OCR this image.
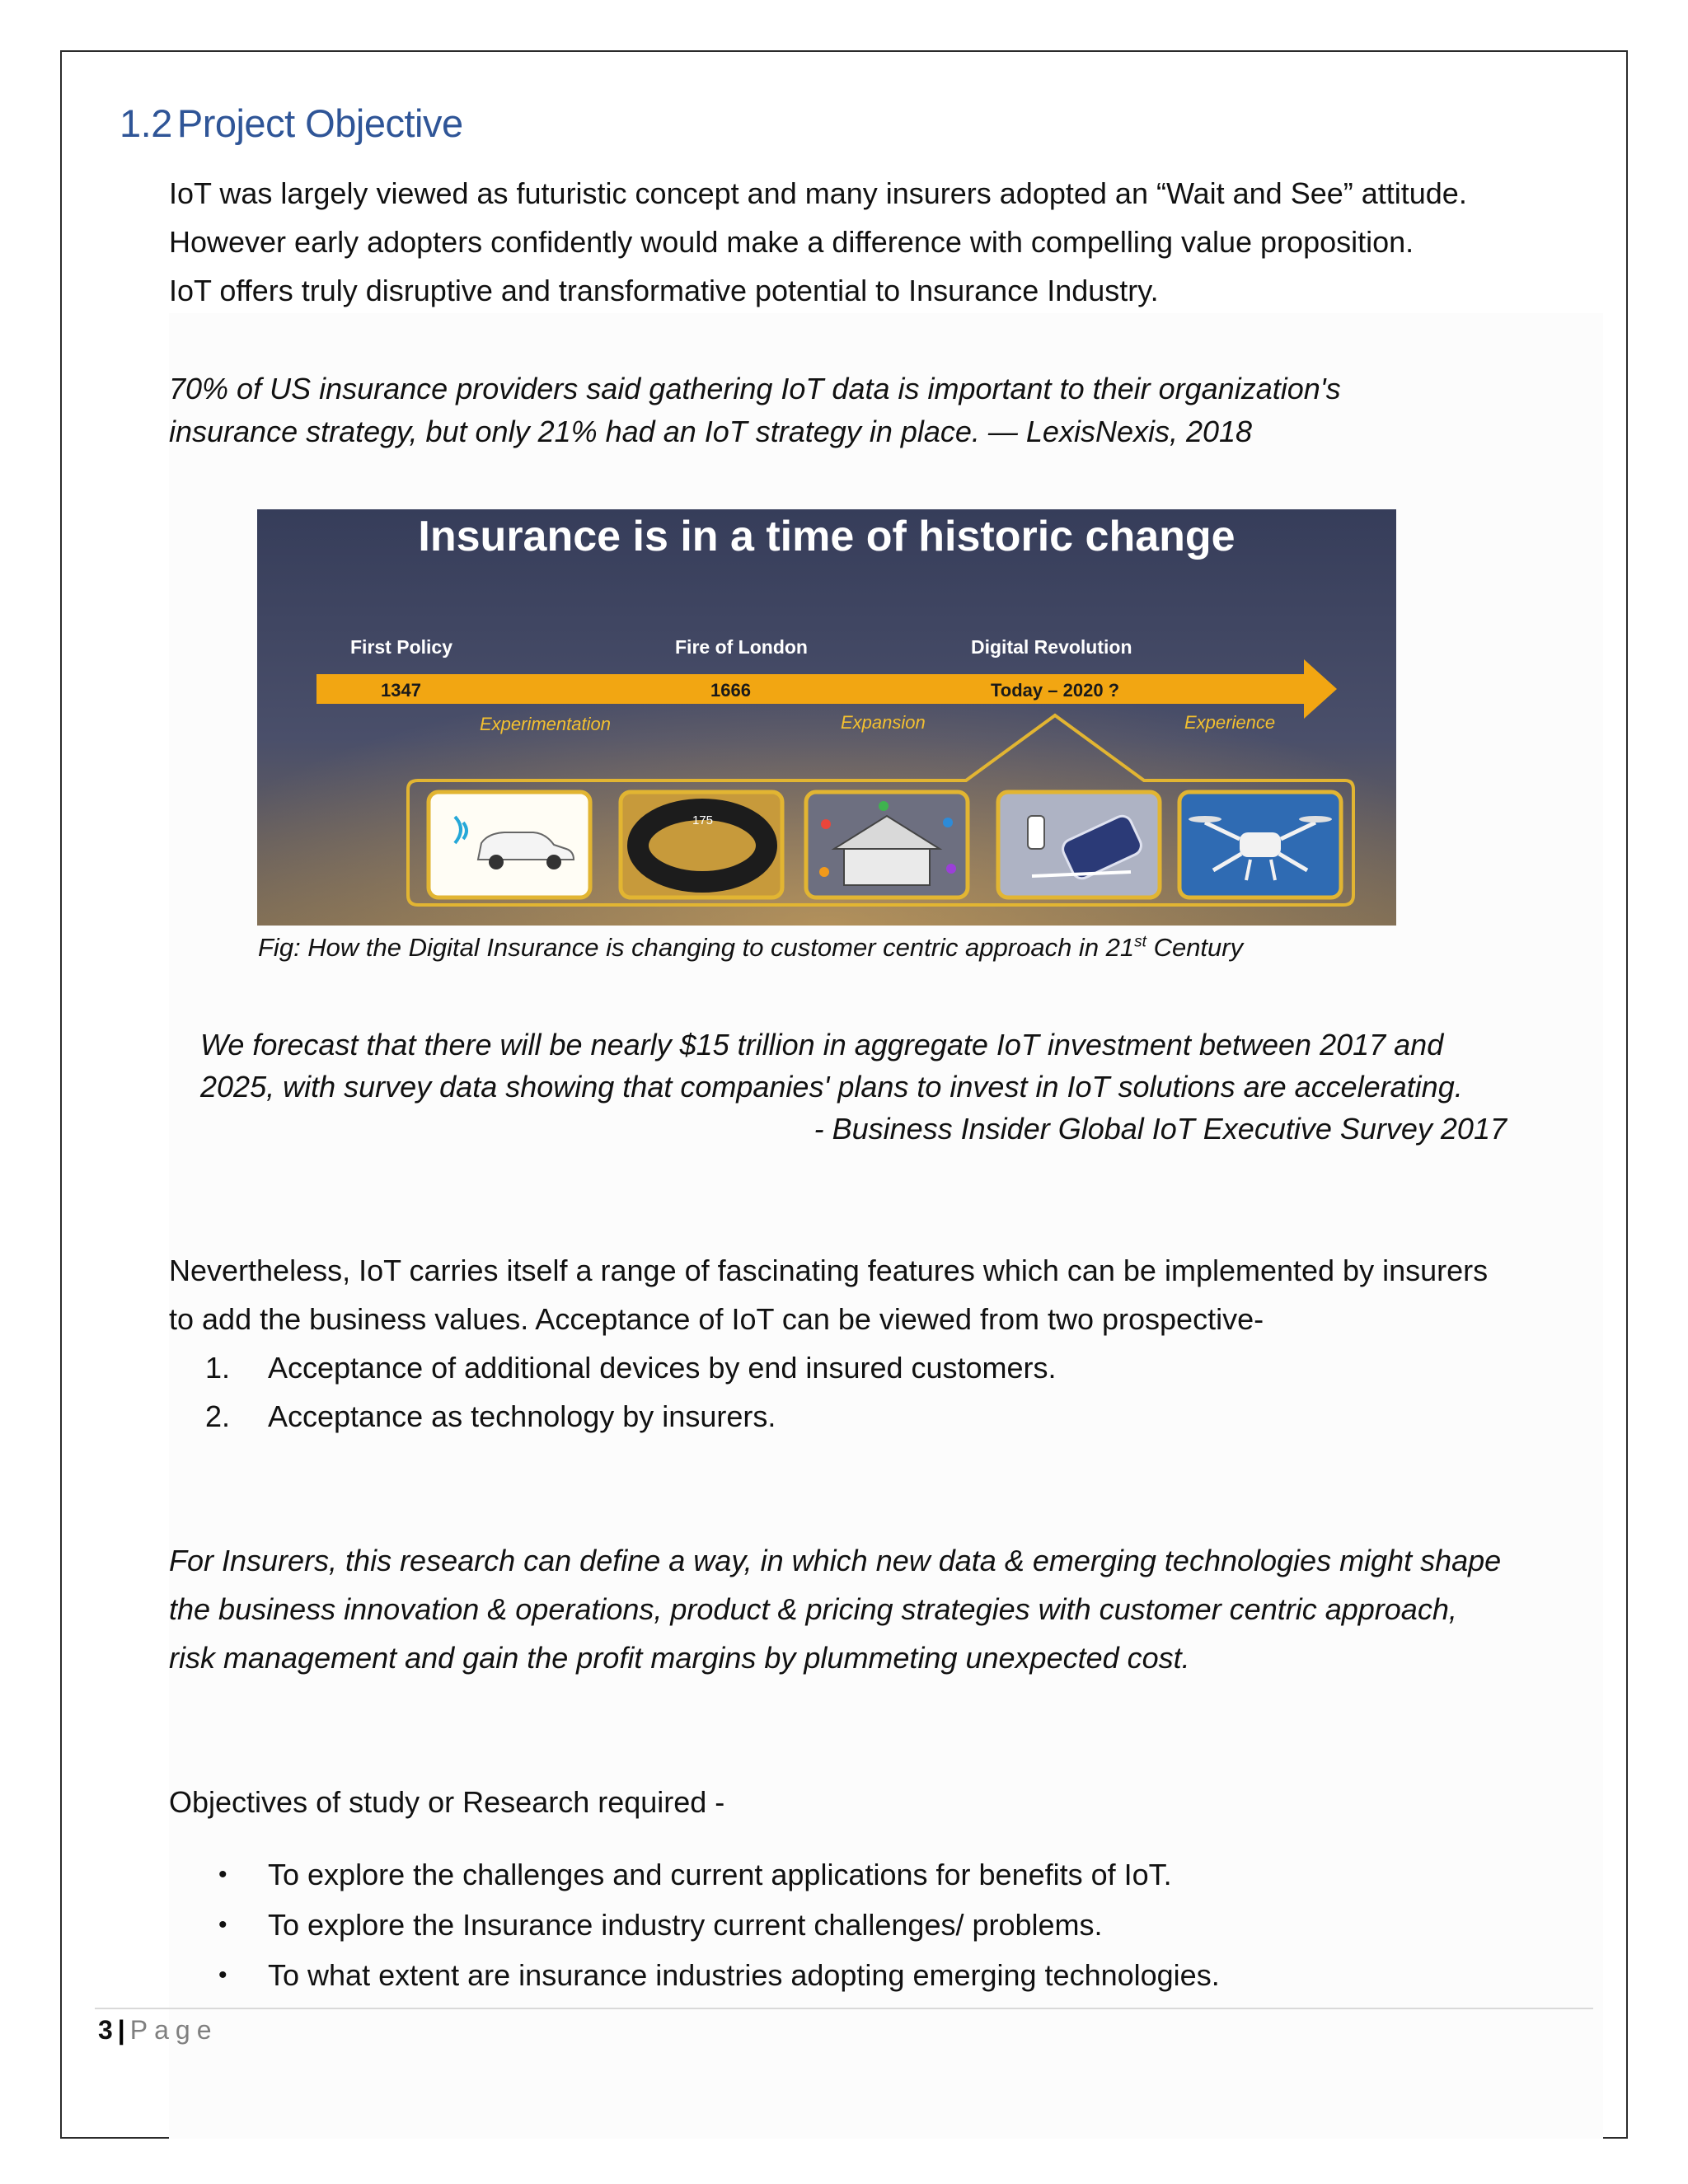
1.2 Project Objective
IoT was largely viewed as futuristic concept and many insurers adopted an “Wait and See” attitude.
However early adopters confidently would make a difference with compelling value proposition.
IoT offers truly disruptive and transformative potential to Insurance Industry.
70% of US insurance providers said gathering IoT data is important to their organization's
insurance strategy, but only 21% had an IoT strategy in place. — LexisNexis, 2018
Insurance is in a time of historic change
First Policy	Fire of London	Digital Revolution
1347	1666	Today – 2020 ?
Experimentation	Expansion	Experience
175
Fig: How the Digital Insurance is changing to customer centric approach in 21st Century
We forecast that there will be nearly $15 trillion in aggregate IoT investment between 2017 and
2025, with survey data showing that companies' plans to invest in IoT solutions are accelerating.
- Business Insider Global IoT Executive Survey 2017
Nevertheless, IoT carries itself a range of fascinating features which can be implemented by insurers
to add the business values. Acceptance of IoT can be viewed from two prospective-
1. Acceptance of additional devices by end insured customers.
2. Acceptance as technology by insurers.
For Insurers, this research can define a way, in which new data & emerging technologies might shape
the business innovation & operations, product & pricing strategies with customer centric approach,
risk management and gain the profit margins by plummeting unexpected cost.
Objectives of study or Research required -
• To explore the challenges and current applications for benefits of IoT.
• To explore the Insurance industry current challenges/ problems.
• To what extent are insurance industries adopting emerging technologies.
3 | Page
